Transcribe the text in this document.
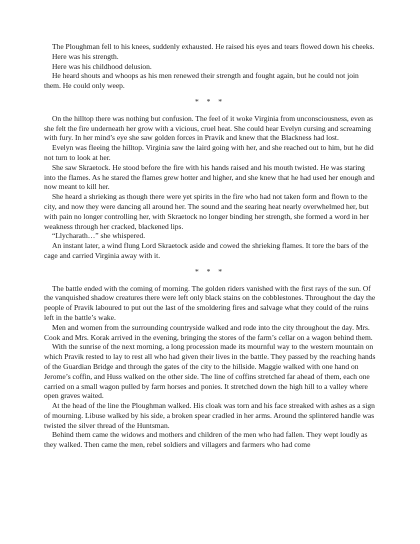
The Ploughman fell to his knees, suddenly exhausted. He raised his eyes and tears flowed down his cheeks.

Here was his strength.

Here was his childhood delusion.

He heard shouts and whoops as his men renewed their strength and fought again, but he could not join them. He could only weep.

* * *

On the hilltop there was nothing but confusion. The feel of it woke Virginia from unconsciousness, even as she felt the fire underneath her grow with a vicious, cruel heat. She could hear Evelyn cursing and screaming with fury. In her mind’s eye she saw golden forces in Pravik and knew that the Blackness had lost.

Evelyn was fleeing the hilltop. Virginia saw the laird going with her, and she reached out to him, but he did not turn to look at her.

She saw Skraetock. He stood before the fire with his hands raised and his mouth twisted. He was staring into the flames. As he stared the flames grew hotter and higher, and she knew that he had used her enough and now meant to kill her.

She heard a shrieking as though there were yet spirits in the fire who had not taken form and flown to the city, and now they were dancing all around her. The sound and the searing heat nearly overwhelmed her, but with pain no longer controlling her, with Skraetock no longer binding her strength, she formed a word in her weakness through her cracked, blackened lips.

“Llycharath…” she whispered.

An instant later, a wind flung Lord Skraetock aside and cowed the shrieking flames. It tore the bars of the cage and carried Virginia away with it.

* * *

The battle ended with the coming of morning. The golden riders vanished with the first rays of the sun. Of the vanquished shadow creatures there were left only black stains on the cobblestones. Throughout the day the people of Pravik laboured to put out the last of the smoldering fires and salvage what they could of the ruins left in the battle’s wake.

Men and women from the surrounding countryside walked and rode into the city throughout the day. Mrs. Cook and Mrs. Korak arrived in the evening, bringing the stores of the farm’s cellar on a wagon behind them.

With the sunrise of the next morning, a long procession made its mournful way to the western mountain on which Pravik rested to lay to rest all who had given their lives in the battle. They passed by the reaching hands of the Guardian Bridge and through the gates of the city to the hillside. Maggie walked with one hand on Jerome’s coffin, and Huss walked on the other side. The line of coffins stretched far ahead of them, each one carried on a small wagon pulled by farm horses and ponies. It stretched down the high hill to a valley where open graves waited.

At the head of the line the Ploughman walked. His cloak was torn and his face streaked with ashes as a sign of mourning. Libuse walked by his side, a broken spear cradled in her arms. Around the splintered handle was twisted the silver thread of the Huntsman.

Behind them came the widows and mothers and children of the men who had fallen. They wept loudly as they walked. Then came the men, rebel soldiers and villagers and farmers who had come
